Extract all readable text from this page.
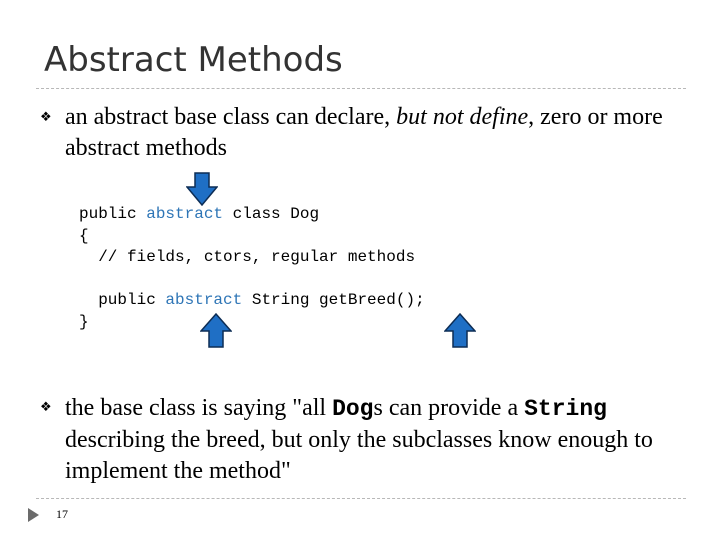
Abstract Methods
❖ an abstract base class can declare, but not define, zero or more abstract methods
public abstract class Dog
{
// fields, ctors, regular methods
public abstract String getBreed();
}
❖ the base class is saying "all Dogs can provide a String describing the breed, but only the subclasses know enough to implement the method"
17
